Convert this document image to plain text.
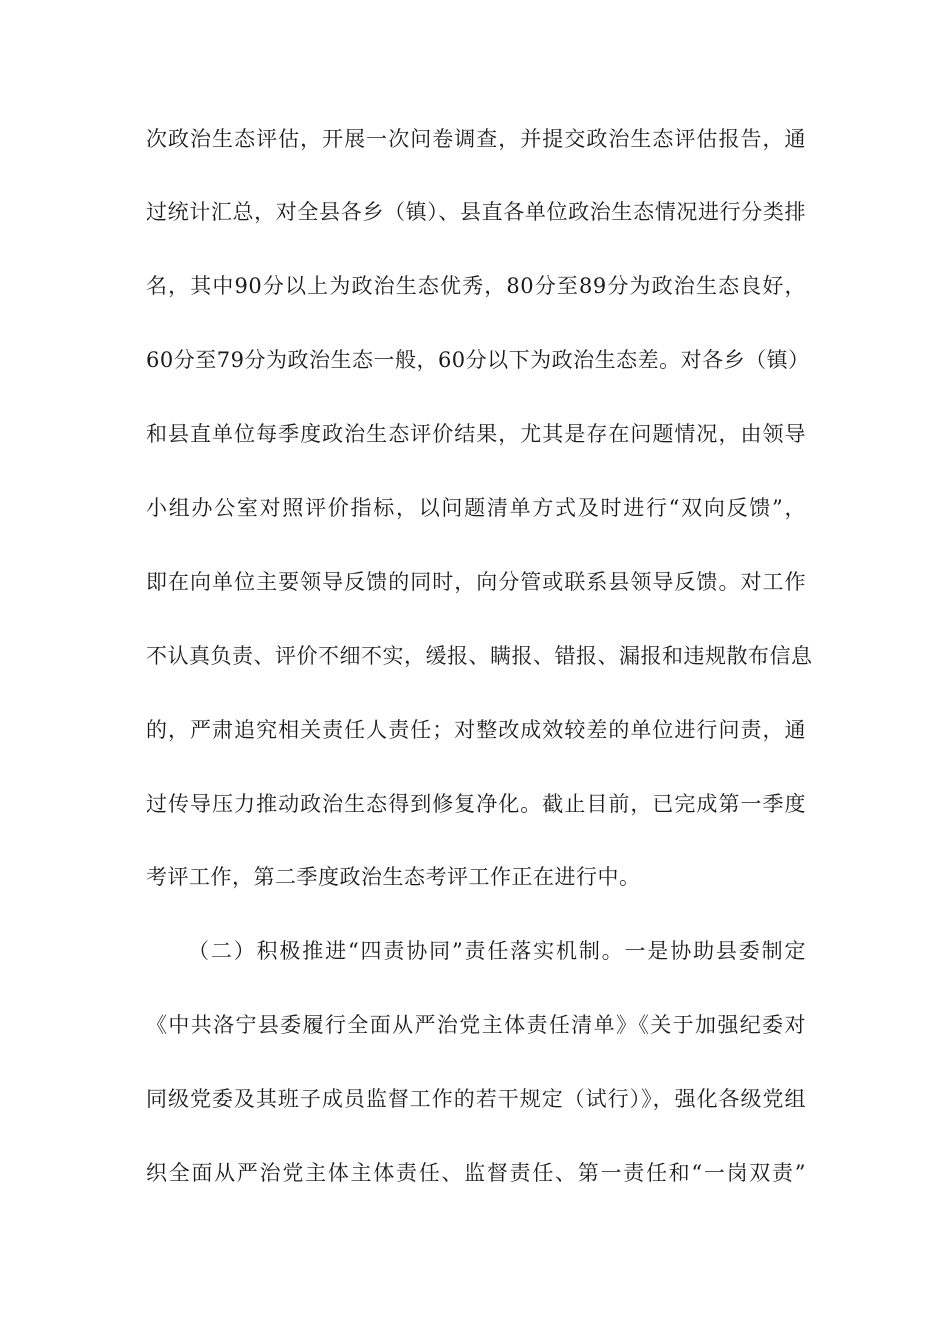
次政治生态评估，开展一次问卷调查，并提交政治生态评估报告，通
过统计汇总，对全县各乡（镇）、县直各单位政治生态情况进行分类排
名，其中90分以上为政治生态优秀，80分至89分为政治生态良好，
60分至79分为政治生态一般，60分以下为政治生态差。对各乡（镇）
和县直单位每季度政治生态评价结果，尤其是存在问题情况，由领导
小组办公室对照评价指标，以问题清单方式及时进行“双向反馈”，
即在向单位主要领导反馈的同时，向分管或联系县领导反馈。对工作
不认真负责、评价不细不实，缓报、瞒报、错报、漏报和违规散布信息
的，严肃追究相关责任人责任；对整改成效较差的单位进行问责，通
过传导压力推动政治生态得到修复净化。截止目前，已完成第一季度
考评工作，第二季度政治生态考评工作正在进行中。
（二）积极推进“四责协同”责任落实机制。一是协助县委制定
《中共洛宁县委履行全面从严治党主体责任清单》《关于加强纪委对
同级党委及其班子成员监督工作的若干规定（试行）》，强化各级党组
织全面从严治党主体主体责任、监督责任、第一责任和“一岗双责”
